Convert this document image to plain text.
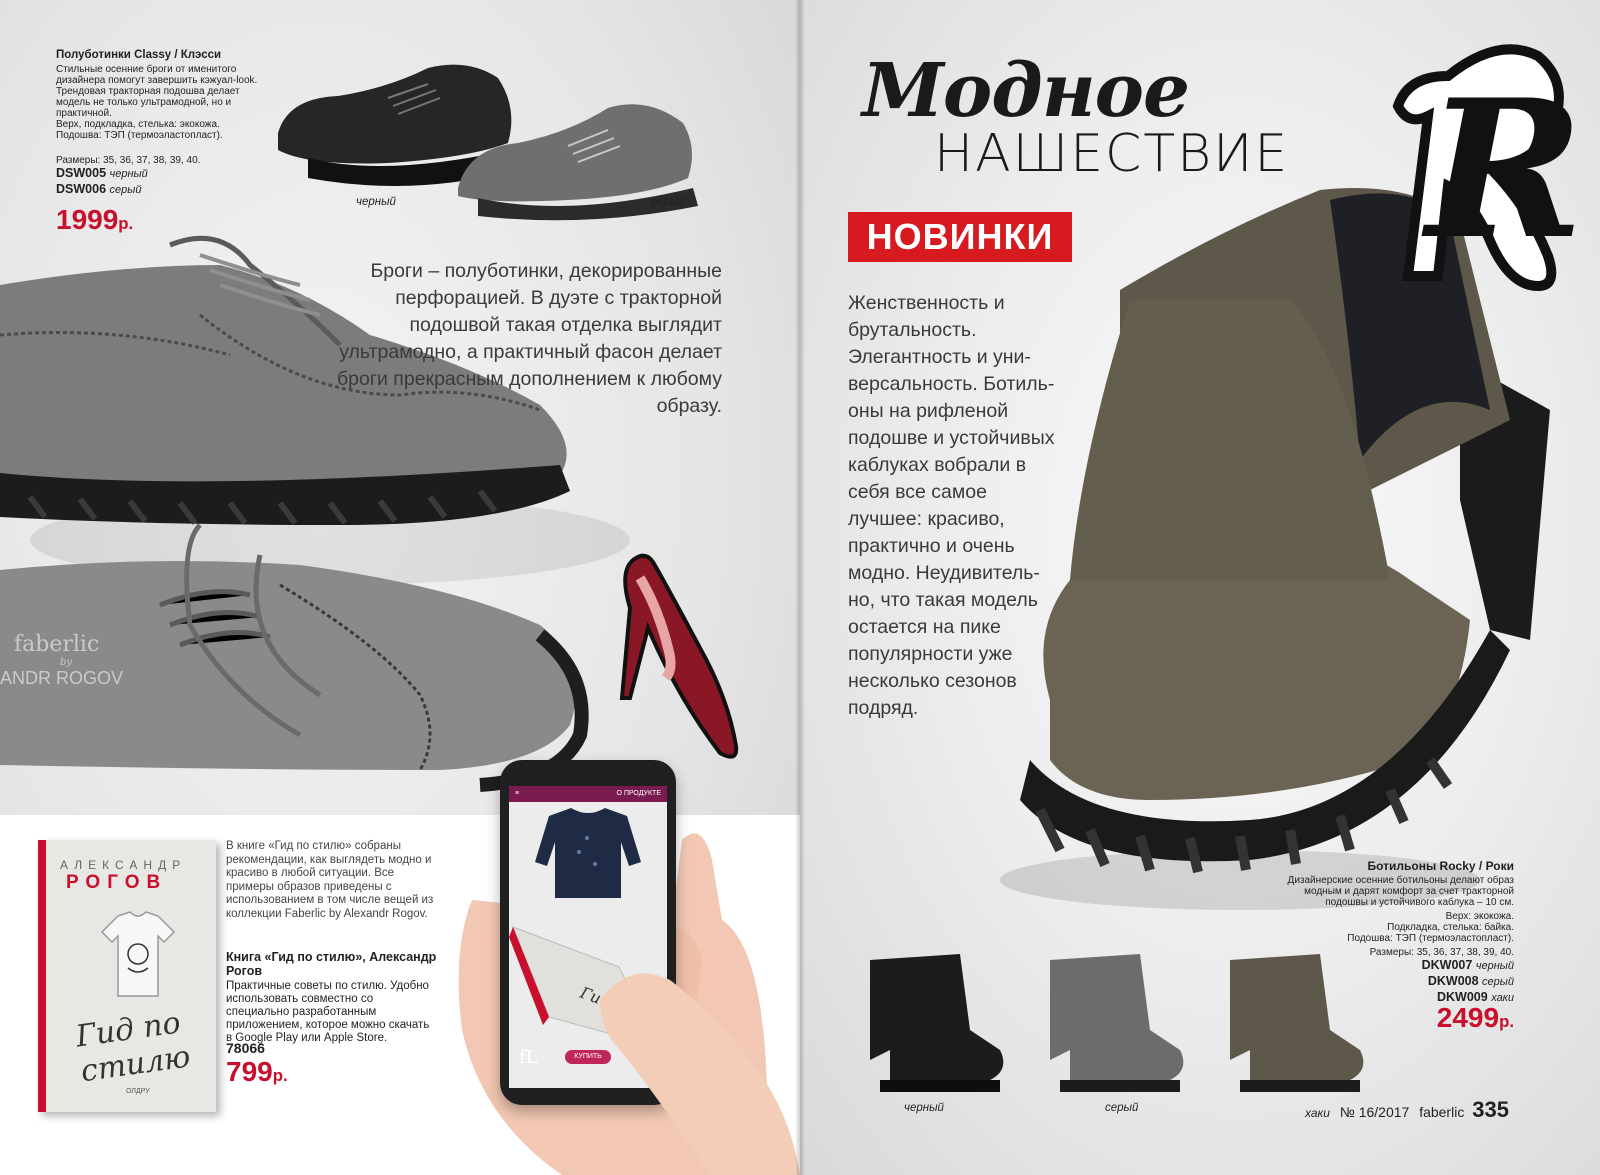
Полуботинки Classy / Клэсси
Стильные осенние броги от именитого дизайнера помогут завершить кэжуал-look. Трендовая тракторная подошва делает модель не только ультрамодной, но и практичной.
Верх, подкладка, стелька: экокожа.
Подошва: ТЭП (термоэластопласт).
Размеры: 35, 36, 37, 38, 39, 40.
DSW005 черный
DSW006 серый
1999р.
черный	серый
faberlic
by
ANDR ROGOV
Броги – полуботинки, декорированные перфорацией. В дуэте с тракторной подошвой такая отделка выглядит ультрамодно, а практичный фасон делает броги прекрасным дополнением к любому образу.
АЛЕКСАНДР
РОГОВ
Гид по стилю
ОЛДРУ
В книге «Гид по стилю» собраны рекомендации, как выглядеть модно и красиво в любой ситуации. Все примеры образов приведены с использованием в том числе вещей из коллекции Faberlic by Alexandr Rogov.
Книга «Гид по стилю», Александр Рогов
Практичные советы по стилю. Удобно использовать совместно со специально разработанным приложением, которое можно скачать в Google Play или Apple Store.
78066
799р.
≡	О ПРОДУКТЕ

Гид
fL	КУПИТЬ
R
Модное
НАШЕСТВИЕ
НОВИНКИ
Женственность и брутальность. Элегантность и уни-версальность. Ботиль-оны на рифленой подошве и устойчивых каблуках вобрали в себя все самое лучшее: красиво, практично и очень модно. Неудивитель-но, что такая модель остается на пике популярности уже несколько сезонов подряд.
черный	серый
Ботильоны Rocky / Роки
Дизайнерские осенние ботильоны делают образ модным и дарят комфорт за счет тракторной подошвы и устойчивого каблука – 10 см.
Верх: экокожа.
Подкладка, стелька: байка.
Подошва: ТЭП (термоэластопласт).
Размеры: 35, 36, 37, 38, 39, 40.
DKW007 черный
DKW008 серый
DKW009 хаки
2499р.
хаки № 16/2017 faberlic 335
